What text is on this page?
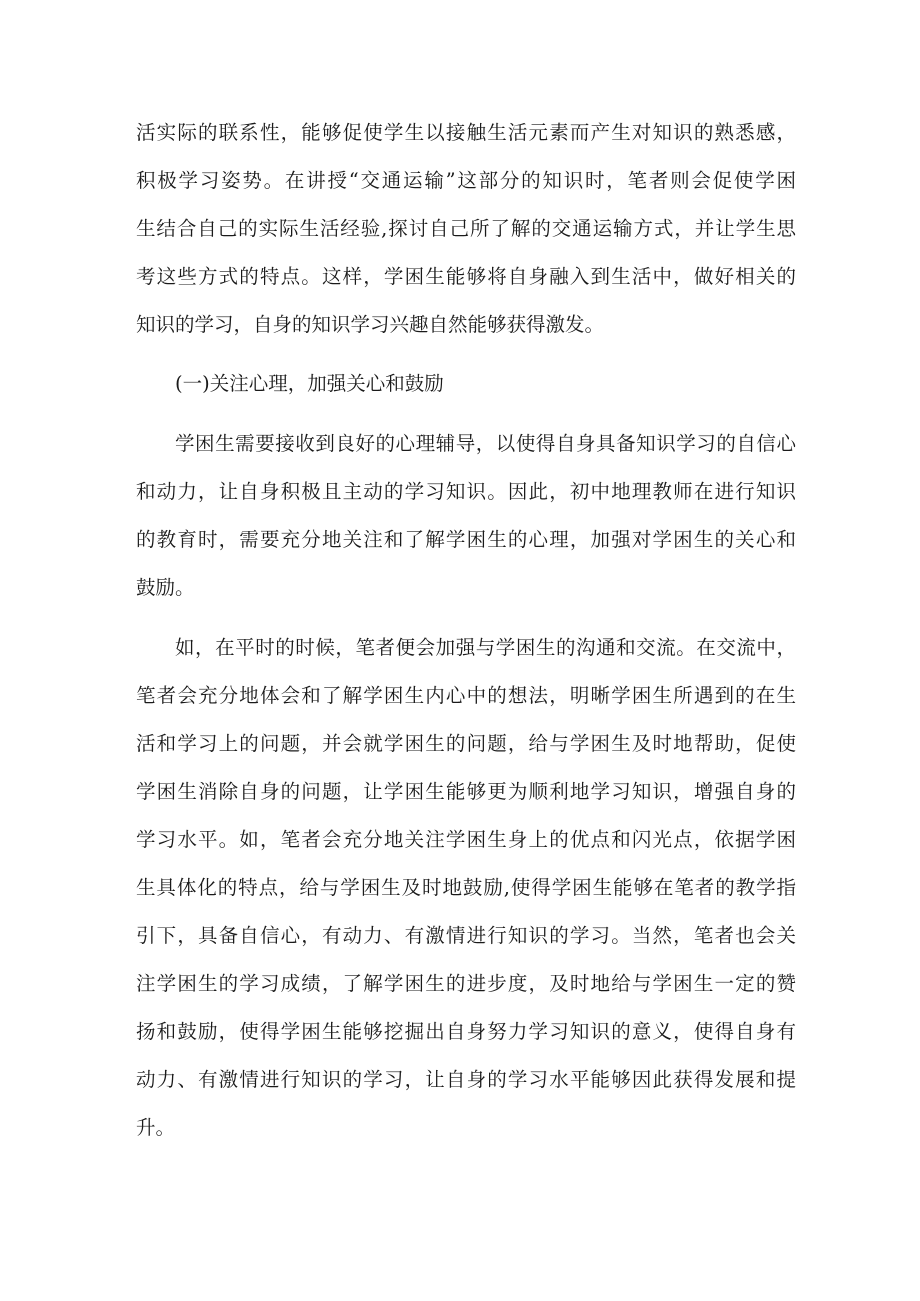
活实际的联系性，能够促使学生以接触生活元素而产生对知识的熟悉感，
积极学习姿势。在讲授“交通运输”这部分的知识时，笔者则会促使学困
生结合自己的实际生活经验,探讨自己所了解的交通运输方式，并让学生思
考这些方式的特点。这样，学困生能够将自身融入到生活中，做好相关的
知识的学习，自身的知识学习兴趣自然能够获得激发。
(一)关注心理，加强关心和鼓励
学困生需要接收到良好的心理辅导，以使得自身具备知识学习的自信心
和动力，让自身积极且主动的学习知识。因此，初中地理教师在进行知识
的教育时，需要充分地关注和了解学困生的心理，加强对学困生的关心和
鼓励。
如，在平时的时候，笔者便会加强与学困生的沟通和交流。在交流中，
笔者会充分地体会和了解学困生内心中的想法，明晰学困生所遇到的在生
活和学习上的问题，并会就学困生的问题，给与学困生及时地帮助，促使
学困生消除自身的问题，让学困生能够更为顺利地学习知识，增强自身的
学习水平。如，笔者会充分地关注学困生身上的优点和闪光点，依据学困
生具体化的特点，给与学困生及时地鼓励,使得学困生能够在笔者的教学指
引下，具备自信心，有动力、有激情进行知识的学习。当然，笔者也会关
注学困生的学习成绩，了解学困生的进步度，及时地给与学困生一定的赞
扬和鼓励，使得学困生能够挖掘出自身努力学习知识的意义，使得自身有
动力、有激情进行知识的学习，让自身的学习水平能够因此获得发展和提
升。
